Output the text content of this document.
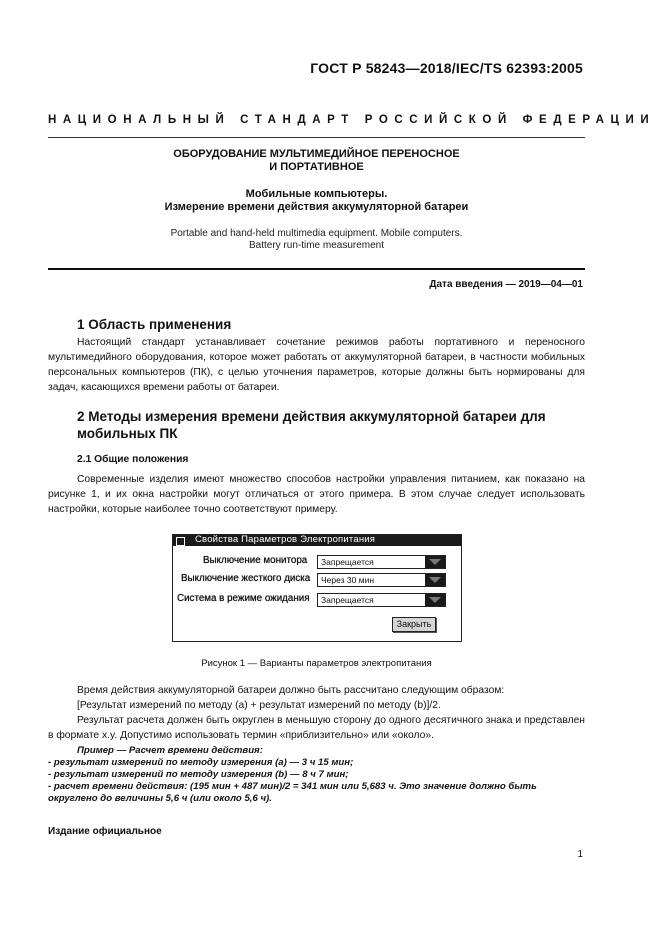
ГОСТ Р 58243—2018/IEC/TS 62393:2005
НАЦИОНАЛЬНЫЙ СТАНДАРТ РОССИЙСКОЙ ФЕДЕРАЦИИ
ОБОРУДОВАНИЕ МУЛЬТИМЕДИЙНОЕ ПЕРЕНОСНОЕ
И ПОРТАТИВНОЕ
Мобильные компьютеры.
Измерение времени действия аккумуляторной батареи
Portable and hand-held multimedia equipment. Mobile computers.
Battery run-time measurement
Дата введения — 2019—04—01
1 Область применения
Настоящий стандарт устанавливает сочетание режимов работы портативного и переносного мультимедийного оборудования, которое может работать от аккумуляторной батареи, в частности мобильных персональных компьютеров (ПК), с целью уточнения параметров, которые должны быть нормированы для задач, касающихся времени работы от батареи.
2 Методы измерения времени действия аккумуляторной батареи для
мобильных ПК
2.1 Общие положения
Современные изделия имеют множество способов настройки управления питанием, как показано на рисунке 1, и их окна настройки могут отличаться от этого примера. В этом случае следует использовать настройки, которые наиболее точно соответствуют примеру.
Свойства Параметров Электропитания
Выключение монитора Запрещается
Выключение жесткого диска Через 30 мин
Система в режиме ожидания Запрещается
Закрыть
Рисунок 1 — Варианты параметров электропитания
Время действия аккумуляторной батареи должно быть рассчитано следующим образом:
[Результат измерений по методу (а) + результат измерений по методу (b)]/2.
Результат расчета должен быть округлен в меньшую сторону до одного десятичного знака и представлен в формате x.y. Допустимо использовать термин «приблизительно» или «около».
Пример — Расчет времени действия:
- результат измерений по методу измерения (а) — 3 ч 15 мин;
- результат измерений по методу измерения (b) — 8 ч 7 мин;
- расчет времени действия: (195 мин + 487 мин)/2 = 341 мин или 5,683 ч. Это значение должно быть округлено до величины 5,6 ч (или около 5,6 ч).
Издание официальное
1
